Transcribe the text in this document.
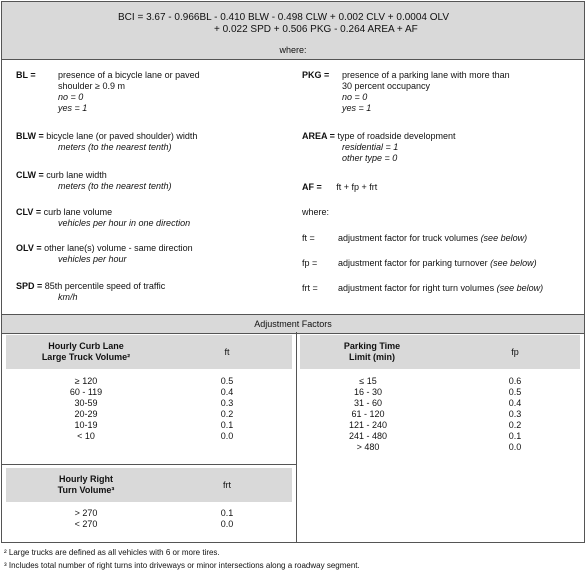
BCI = 3.67 - 0.966BL - 0.410 BLW - 0.498 CLW + 0.002 CLV + 0.0004 OLV
+ 0.022 SPD + 0.506 PKG - 0.264 AREA + AF
where:
BL = presence of a bicycle lane or paved
shoulder ≥ 0.9 m
no = 0
yes = 1
BLW = bicycle lane (or paved shoulder) width
meters (to the nearest tenth)
CLW = curb lane width
meters (to the nearest tenth)
CLV = curb lane volume
vehicles per hour in one direction
OLV = other lane(s) volume - same direction
vehicles per hour
SPD = 85th percentile speed of traffic
km/h
PKG = presence of a parking lane with more than
30 percent occupancy
no = 0
yes = 1
AREA = type of roadside development
residential = 1
other type = 0
AF = ft + fp + frt
where:
ft =	adjustment factor for truck volumes (see below)
fp = adjustment factor for parking turnover (see below)
frt = adjustment factor for right turn volumes (see below)
Adjustment Factors
Hourly Curb Lane
Large Truck Volume²	ft
Parking Time
Limit (min)	fp
≥ 120	0.5
60 - 119	0.4
30-59	0.3
20-29	0.2
10-19	0.1
< 10	0.0
≤ 15	0.6
16 - 30	0.5
31 - 60	0.4
61 - 120	0.3
121 - 240	0.2
241 - 480	0.1
> 480	0.0
Hourly Right
Turn Volume³	frt
> 270	0.1
< 270	0.0
² Large trucks are defined as all vehicles with 6 or more tires.
³ Includes total number of right turns into driveways or minor intersections along a roadway segment.
